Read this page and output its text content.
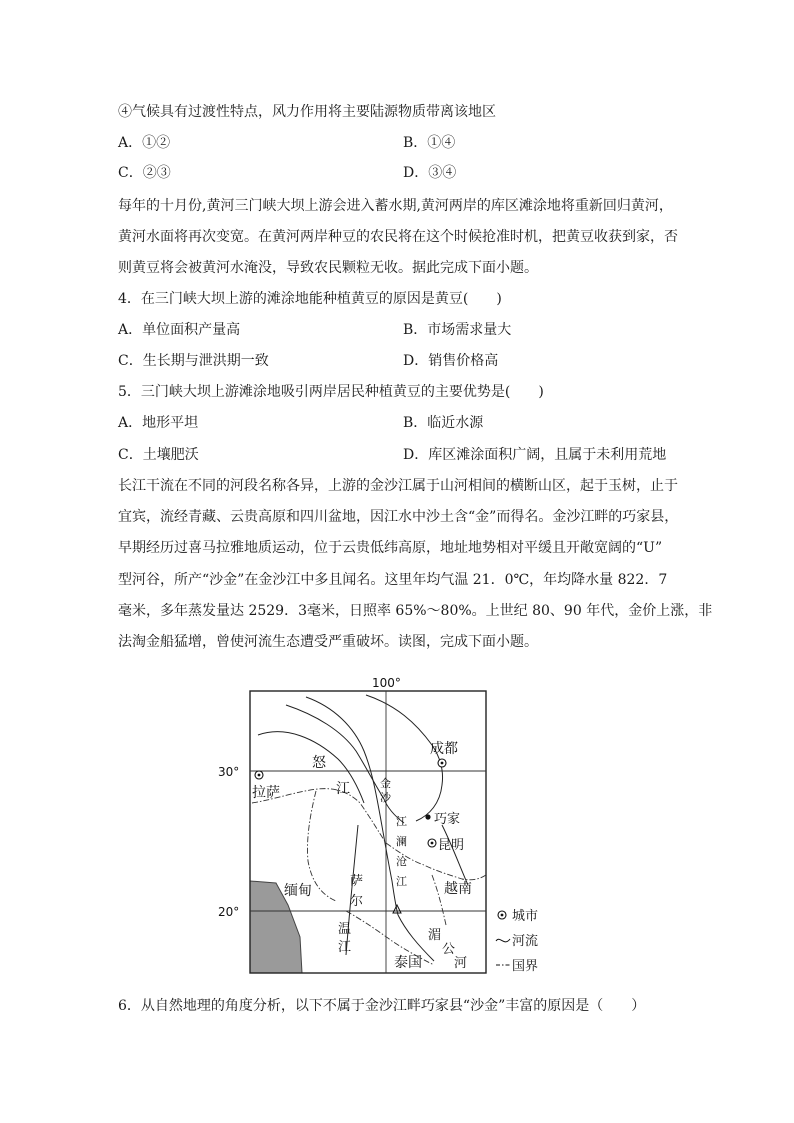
④气候具有过渡性特点，风力作用将主要陆源物质带离该地区
A．①②	B．①④
C．②③	D．③④
每年的十月份,黄河三门峡大坝上游会进入蓄水期,黄河两岸的库区滩涂地将重新回归黄河，
黄河水面将再次变宽。在黄河两岸种豆的农民将在这个时候抢准时机，把黄豆收获到家，否
则黄豆将会被黄河水淹没，导致农民颗粒无收。据此完成下面小题。
4．在三门峡大坝上游的滩涂地能种植黄豆的原因是黄豆(　　)
A．单位面积产量高	B．市场需求量大
C．生长期与泄洪期一致	D．销售价格高
5．三门峡大坝上游滩涂地吸引两岸居民种植黄豆的主要优势是(　　)
A．地形平坦	B．临近水源
C．土壤肥沃	D．库区滩涂面积广阔，且属于未利用荒地
长江干流在不同的河段名称各异，上游的金沙江属于山河相间的横断山区，起于玉树，止于
宜宾，流经青藏、云贵高原和四川盆地，因江水中沙土含“金”而得名。金沙江畔的巧家县，
早期经历过喜马拉雅地质运动，位于云贵低纬高原，地址地势相对平缓且开敞宽阔的“U”
型河谷，所产“沙金”在金沙江中多且闻名。这里年均气温 21．0℃，年均降水量 822．7
毫米，多年蒸发量达 2529．3毫米，日照率 65%～80%。上世纪 80、90 年代，金价上涨，非
法淘金船猛增，曾使河流生态遭受严重破坏。读图，完成下面小题。
100°
拉萨
成都
昆明
巧家
怒
江	金
沙
江
澜
沧
江
萨
尔
温
江
湄
公
河
缅甸	越南
泰国
30°
20°	城市
河流
国界
6．从自然地理的角度分析，以下不属于金沙江畔巧家县“沙金”丰富的原因是（　　）
